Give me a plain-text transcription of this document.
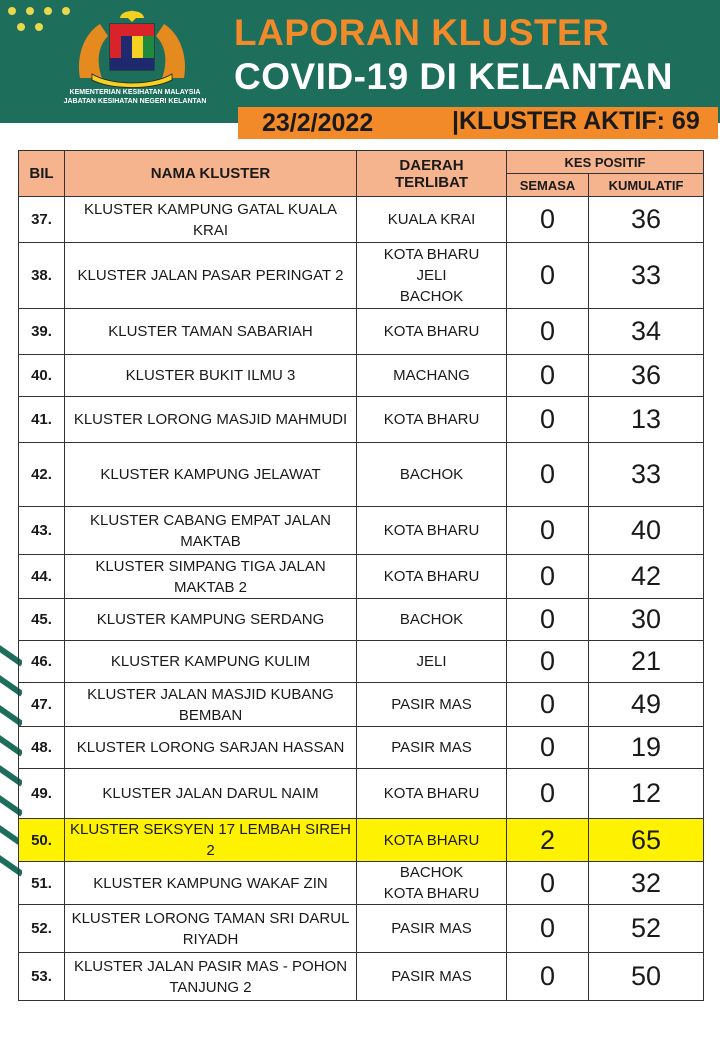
KEMENTERIAN KESIHATAN MALAYSIA
JABATAN KESIHATAN NEGERI KELANTAN
LAPORAN KLUSTER
COVID-19 DI KELANTAN
23/2/2022	|KLUSTER AKTIF: 69
BIL	NAMA KLUSTER	DAERAH
TERLIBAT	KES POSITIF	
			SEMASA	KUMULATIF
37.	KLUSTER KAMPUNG GATAL KUALA KRAI	KUALA KRAI	0	36
38.	KLUSTER JALAN PASAR PERINGAT 2	KOTA BHARU
JELI
BACHOK	0	33
39.	KLUSTER TAMAN SABARIAH	KOTA BHARU	0	34
40.	KLUSTER BUKIT ILMU 3	MACHANG	0	36
41.	KLUSTER LORONG MASJID MAHMUDI	KOTA BHARU	0	13
42.	KLUSTER KAMPUNG JELAWAT	BACHOK	0	33
43.	KLUSTER CABANG EMPAT JALAN MAKTAB	KOTA BHARU	0	40
44.	KLUSTER SIMPANG TIGA JALAN MAKTAB 2	KOTA BHARU	0	42
45.	KLUSTER KAMPUNG SERDANG	BACHOK	0	30
46.	KLUSTER KAMPUNG KULIM	JELI	0	21
47.	KLUSTER JALAN MASJID KUBANG BEMBAN	PASIR MAS	0	49
48.	KLUSTER LORONG SARJAN HASSAN	PASIR MAS	0	19
49.	KLUSTER JALAN DARUL NAIM	KOTA BHARU	0	12
50.	KLUSTER SEKSYEN 17 LEMBAH SIREH 2	KOTA BHARU	2	65
51.	KLUSTER KAMPUNG WAKAF ZIN	BACHOK
KOTA BHARU	0	32
52.	KLUSTER LORONG TAMAN SRI DARUL RIYADH	PASIR MAS	0	52
53.	KLUSTER JALAN PASIR MAS - POHON TANJUNG 2	PASIR MAS	0	50
